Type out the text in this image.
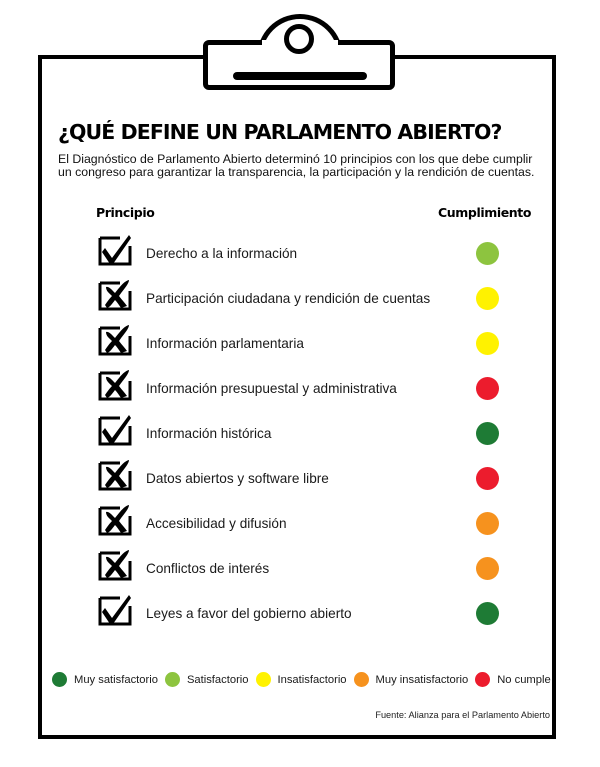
¿QUÉ DEFINE UN PARLAMENTO ABIERTO?

El Diagnóstico de Parlamento Abierto determinó 10 principios con los que debe cumplir un congreso para garantizar la transparencia, la participación y la rendición de cuentas.

Principio	Cumplimiento
Derecho a la información
Participación ciudadana y rendición de cuentas
Información parlamentaria
Información presupuestal y administrativa
Información histórica
Datos abiertos y software libre
Accesibilidad y difusión
Conflictos de interés
Leyes a favor del gobierno abierto
Muy satisfactorio	Satisfactorio	Insatisfactorio	Muy insatisfactorio	No cumple
Fuente: Alianza para el Parlamento Abierto
